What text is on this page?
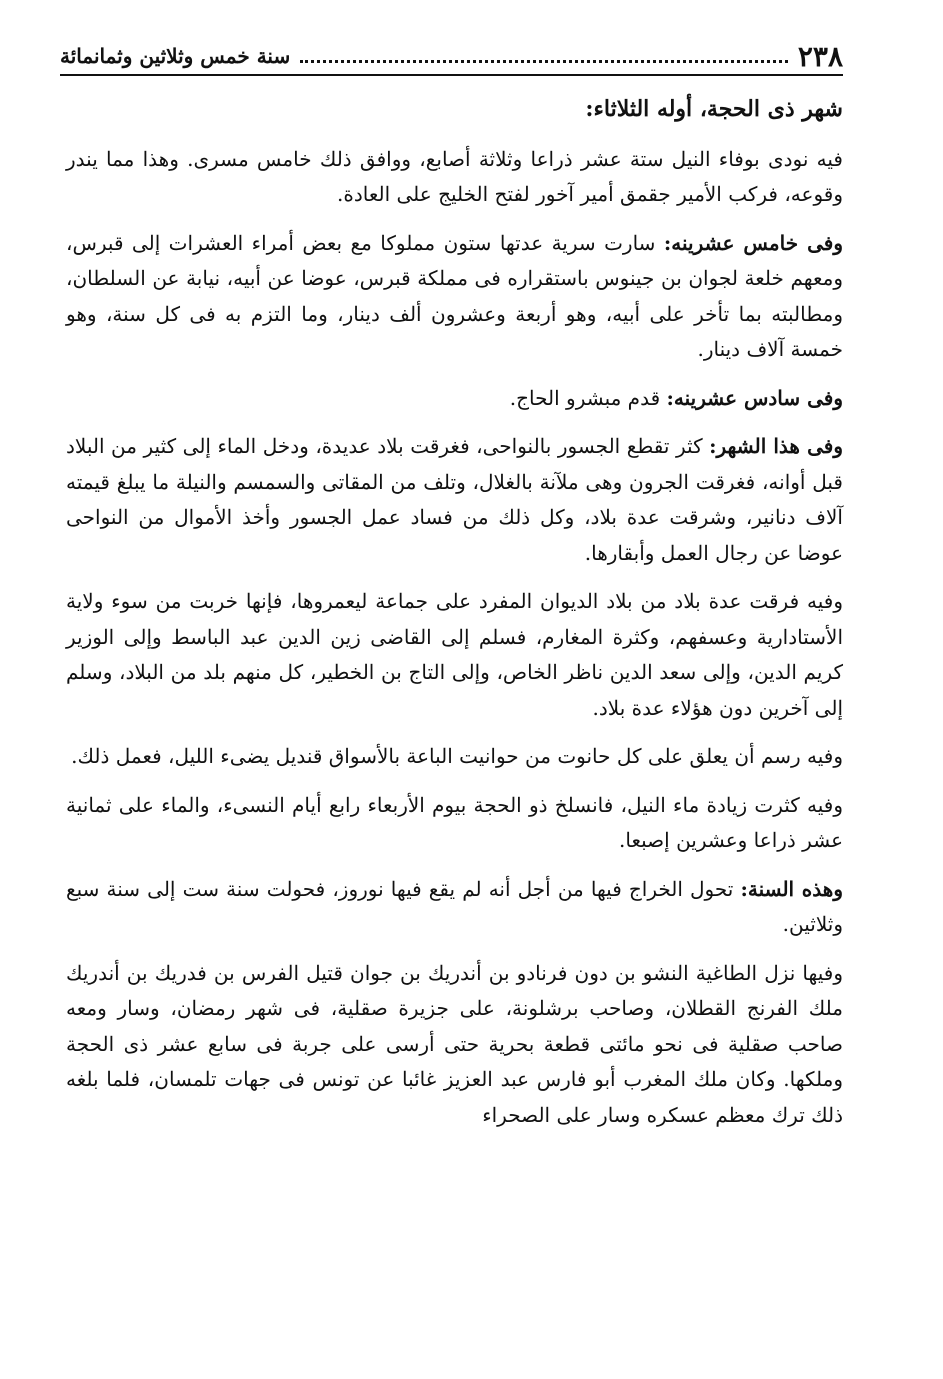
٢٣٨
سنة خمس وثلاثين وثمانمائة

شهر ذى الحجة، أوله الثلاثاء:

فيه نودى بوفاء النيل ستة عشر ذراعا وثلاثة أصابع، ووافق ذلك خامس مسرى. وهذا مما يندر وقوعه، فركب الأمير جقمق أمير آخور لفتح الخليج على العادة.

وفى خامس عشرينه: سارت سرية عدتها ستون مملوكا مع بعض أمراء العشرات إلى قبرس، ومعهم خلعة لجوان بن جينوس باستقراره فى مملكة قبرس، عوضا عن أبيه، نيابة عن السلطان، ومطالبته بما تأخر على أبيه، وهو أربعة وعشرون ألف دينار، وما التزم به فى كل سنة، وهو خمسة آلاف دينار.

وفى سادس عشرينه: قدم مبشرو الحاج.

وفى هذا الشهر: كثر تقطع الجسور بالنواحى، فغرقت بلاد عديدة، ودخل الماء إلى كثير من البلاد قبل أوانه، فغرقت الجرون وهى ملآنة بالغلال، وتلف من المقاتى والسمسم والنيلة ما يبلغ قيمته آلاف دنانير، وشرقت عدة بلاد، وكل ذلك من فساد عمل الجسور وأخذ الأموال من النواحى عوضا عن رجال العمل وأبقارها.

وفيه فرقت عدة بلاد من بلاد الديوان المفرد على جماعة ليعمروها، فإنها خربت من سوء ولاية الأستادارية وعسفهم، وكثرة المغارم، فسلم إلى القاضى زين الدين عبد الباسط وإلى الوزير كريم الدين، وإلى سعد الدين ناظر الخاص، وإلى التاج بن الخطير، كل منهم بلد من البلاد، وسلم إلى آخرين دون هؤلاء عدة بلاد.

وفيه رسم أن يعلق على كل حانوت من حوانيت الباعة بالأسواق قنديل يضىء الليل، فعمل ذلك.

وفيه كثرت زيادة ماء النيل، فانسلخ ذو الحجة بيوم الأربعاء رابع أيام النسىء، والماء على ثمانية عشر ذراعا وعشرين إصبعا.

وهذه السنة: تحول الخراج فيها من أجل أنه لم يقع فيها نوروز، فحولت سنة ست إلى سنة سبع وثلاثين.

وفيها نزل الطاغية النشو بن دون فرنادو بن أندريك بن جوان قتيل الفرس بن فدريك بن أندريك ملك الفرنج القطلان، وصاحب برشلونة، على جزيرة صقلية، فى شهر رمضان، وسار ومعه صاحب صقلية فى نحو مائتى قطعة بحرية حتى أرسى على جربة فى سابع عشر ذى الحجة وملكها. وكان ملك المغرب أبو فارس عبد العزيز غائبا عن تونس فى جهات تلمسان، فلما بلغه ذلك ترك معظم عسكره وسار على الصحراء
